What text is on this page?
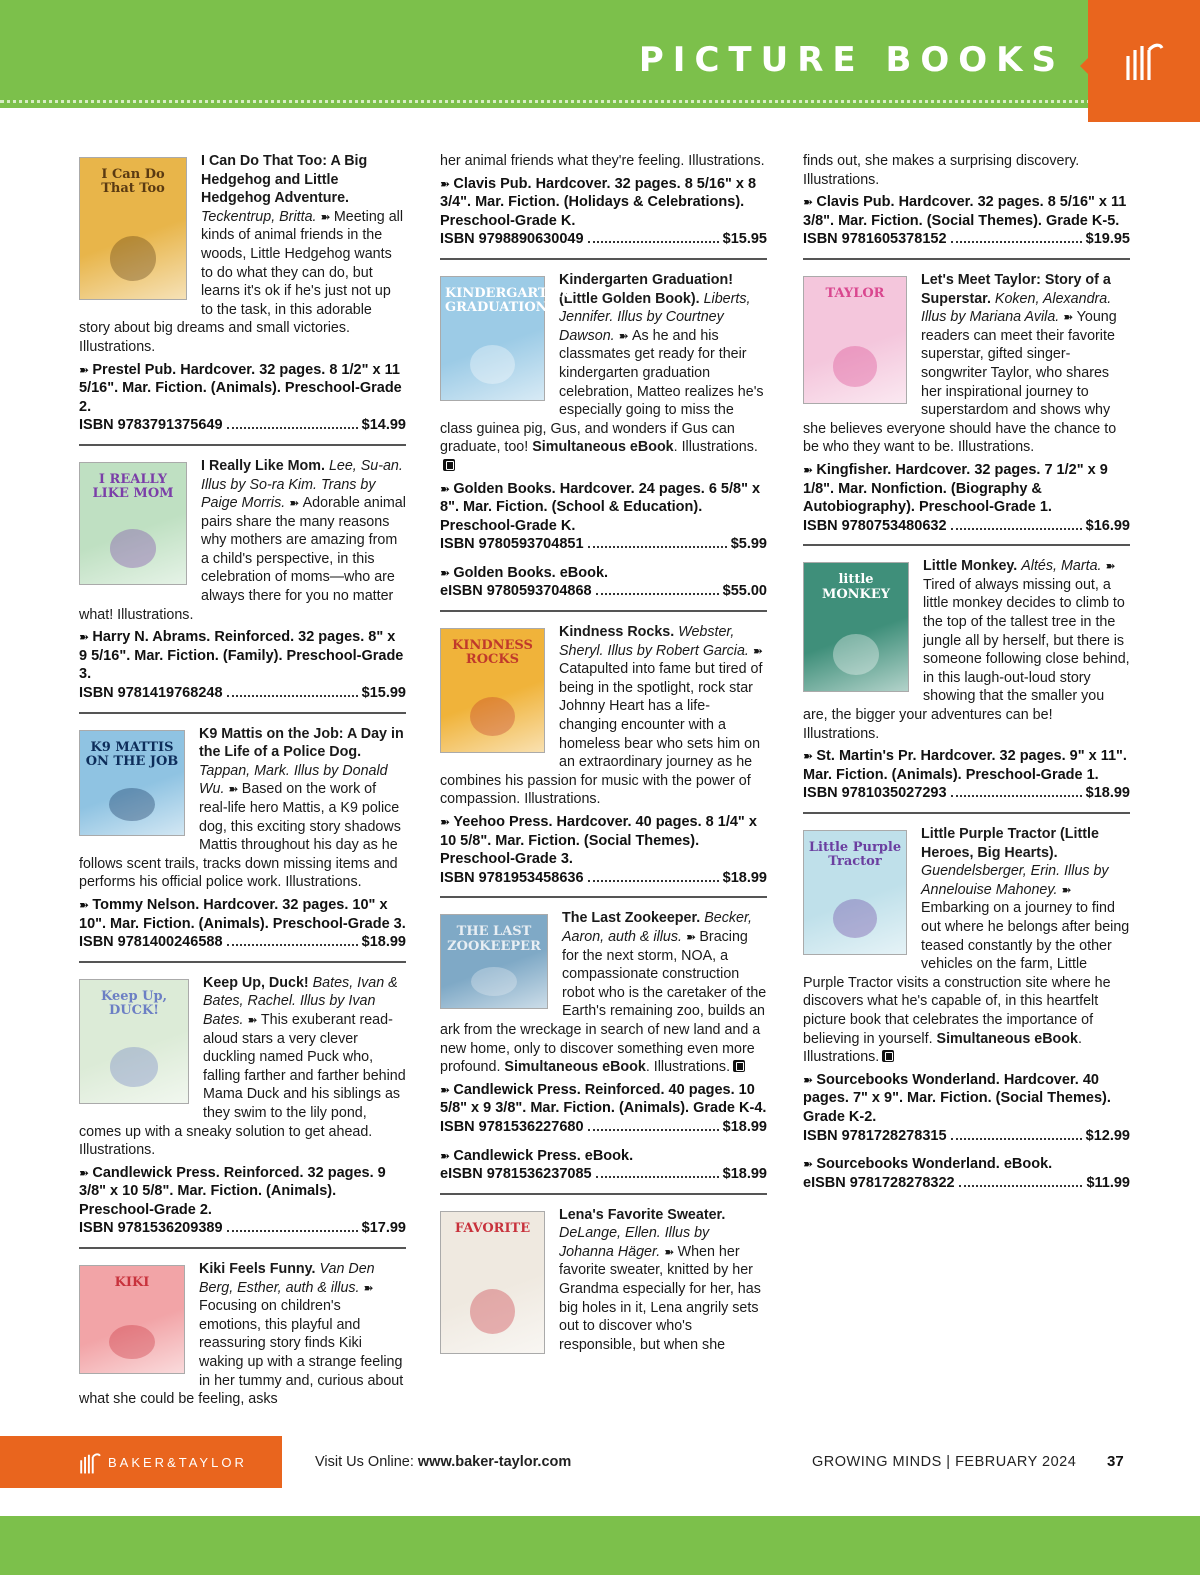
PICTURE BOOKS
I Can Do That Too
I Can Do That Too: A Big Hedgehog and Little Hedgehog Adventure. Teckentrup, Britta. ➽ Meeting all kinds of animal friends in the woods, Little Hedgehog wants to do what they can do, but learns it's ok if he's just not up to the task, in this adorable story about big dreams and small victories. Illustrations.
➽ Prestel Pub. Hardcover. 32 pages. 8 1/2" x 11 5/16". Mar. Fiction. (Animals). Preschool-Grade 2.
ISBN 9783791375649	$14.99
I REALLY LIKE MOM
I Really Like Mom. Lee, Su-an. Illus by So-ra Kim. Trans by Paige Morris. ➽ Adorable animal pairs share the many reasons why mothers are amazing from a child's perspective, in this celebration of moms—who are always there for you no matter what! Illustrations.
➽ Harry N. Abrams. Reinforced. 32 pages. 8" x 9 5/16". Mar. Fiction. (Family). Preschool-Grade 3.
ISBN 9781419768248	$15.99
K9 MATTIS ON THE JOB
K9 Mattis on the Job: A Day in the Life of a Police Dog. Tappan, Mark. Illus by Donald Wu. ➽ Based on the work of real-life hero Mattis, a K9 police dog, this exciting story shadows Mattis throughout his day as he follows scent trails, tracks down missing items and performs his official police work. Illustrations.
➽ Tommy Nelson. Hardcover. 32 pages. 10" x 10". Mar. Fiction. (Animals). Preschool-Grade 3.
ISBN 9781400246588	$18.99
Keep Up, DUCK!
Keep Up, Duck! Bates, Ivan & Bates, Rachel. Illus by Ivan Bates. ➽ This exuberant read-aloud stars a very clever duckling named Puck who, falling farther and farther behind Mama Duck and his siblings as they swim to the lily pond, comes up with a sneaky solution to get ahead. Illustrations.
➽ Candlewick Press. Reinforced. 32 pages. 9 3/8" x 10 5/8". Mar. Fiction. (Animals). Preschool-Grade 2.
ISBN 9781536209389	$17.99
KIKI
Kiki Feels Funny. Van Den Berg, Esther, auth & illus. ➽ Focusing on children's emotions, this playful and reassuring story finds Kiki waking up with a strange feeling in her tummy and, curious about what she could be feeling, asks
her animal friends what they're feeling. Illustrations.
➽ Clavis Pub. Hardcover. 32 pages. 8 5/16" x 8 3/4". Mar. Fiction. (Holidays & Celebrations). Preschool-Grade K.
ISBN 9798890630049	$15.95
KINDERGARTEN GRADUATION!
Kindergarten Graduation! (Little Golden Book). Liberts, Jennifer. Illus by Courtney Dawson. ➽ As he and his classmates get ready for their kindergarten graduation celebration, Matteo realizes he's especially going to miss the class guinea pig, Gus, and wonders if Gus can graduate, too! Simultaneous eBook. Illustrations.
➽ Golden Books. Hardcover. 24 pages. 6 5/8" x 8". Mar. Fiction. (School & Education). Preschool-Grade K.
ISBN 9780593704851	$5.99
➽ Golden Books. eBook.
eISBN 9780593704868	$55.00
KINDNESS ROCKS
Kindness Rocks. Webster, Sheryl. Illus by Robert Garcia. ➽ Catapulted into fame but tired of being in the spotlight, rock star Johnny Heart has a life-changing encounter with a homeless bear who sets him on an extraordinary journey as he combines his passion for music with the power of compassion. Illustrations.
➽ Yeehoo Press. Hardcover. 40 pages. 8 1/4" x 10 5/8". Mar. Fiction. (Social Themes). Preschool-Grade 3.
ISBN 9781953458636	$18.99
THE LAST ZOOKEEPER
The Last Zookeeper. Becker, Aaron, auth & illus. ➽ Bracing for the next storm, NOA, a compassionate construction robot who is the caretaker of the Earth's remaining zoo, builds an ark from the wreckage in search of new land and a new home, only to discover something even more profound. Simultaneous eBook. Illustrations.
➽ Candlewick Press. Reinforced. 40 pages. 10 5/8" x 9 3/8". Mar. Fiction. (Animals). Grade K-4.
ISBN 9781536227680	$18.99
➽ Candlewick Press. eBook.
eISBN 9781536237085	$18.99
FAVORITE
Lena's Favorite Sweater. DeLange, Ellen. Illus by Johanna Häger. ➽ When her favorite sweater, knitted by her Grandma especially for her, has big holes in it, Lena angrily sets out to discover who's responsible, but when she
finds out, she makes a surprising discovery. Illustrations.
➽ Clavis Pub. Hardcover. 32 pages. 8 5/16" x 11 3/8". Mar. Fiction. (Social Themes). Grade K-5.
ISBN 9781605378152	$19.95
TAYLOR
Let's Meet Taylor: Story of a Superstar. Koken, Alexandra. Illus by Mariana Avila. ➽ Young readers can meet their favorite superstar, gifted singer-songwriter Taylor, who shares her inspirational journey to superstardom and shows why she believes everyone should have the chance to be who they want to be. Illustrations.
➽ Kingfisher. Hardcover. 32 pages. 7 1/2" x 9 1/8". Mar. Nonfiction. (Biography & Autobiography). Preschool-Grade 1.
ISBN 9780753480632	$16.99
little MONKEY
Little Monkey. Altés, Marta. ➽ Tired of always missing out, a little monkey decides to climb to the top of the tallest tree in the jungle all by herself, but there is someone following close behind, in this laugh-out-loud story showing that the smaller you are, the bigger your adventures can be! Illustrations.
➽ St. Martin's Pr. Hardcover. 32 pages. 9" x 11". Mar. Fiction. (Animals). Preschool-Grade 1.
ISBN 9781035027293	$18.99
Little Purple Tractor
Little Purple Tractor (Little Heroes, Big Hearts). Guendelsberger, Erin. Illus by Annelouise Mahoney. ➽ Embarking on a journey to find out where he belongs after being teased constantly by the other vehicles on the farm, Little Purple Tractor visits a construction site where he discovers what he's capable of, in this heartfelt picture book that celebrates the importance of believing in yourself. Simultaneous eBook. Illustrations.
➽ Sourcebooks Wonderland. Hardcover. 40 pages. 7" x 9". Mar. Fiction. (Social Themes). Grade K-2.
ISBN 9781728278315	$12.99
➽ Sourcebooks Wonderland. eBook.
eISBN 9781728278322	$11.99
BAKER&TAYLOR	Visit Us Online: www.baker-taylor.com	GROWING MINDS | FEBRUARY 2024 37
